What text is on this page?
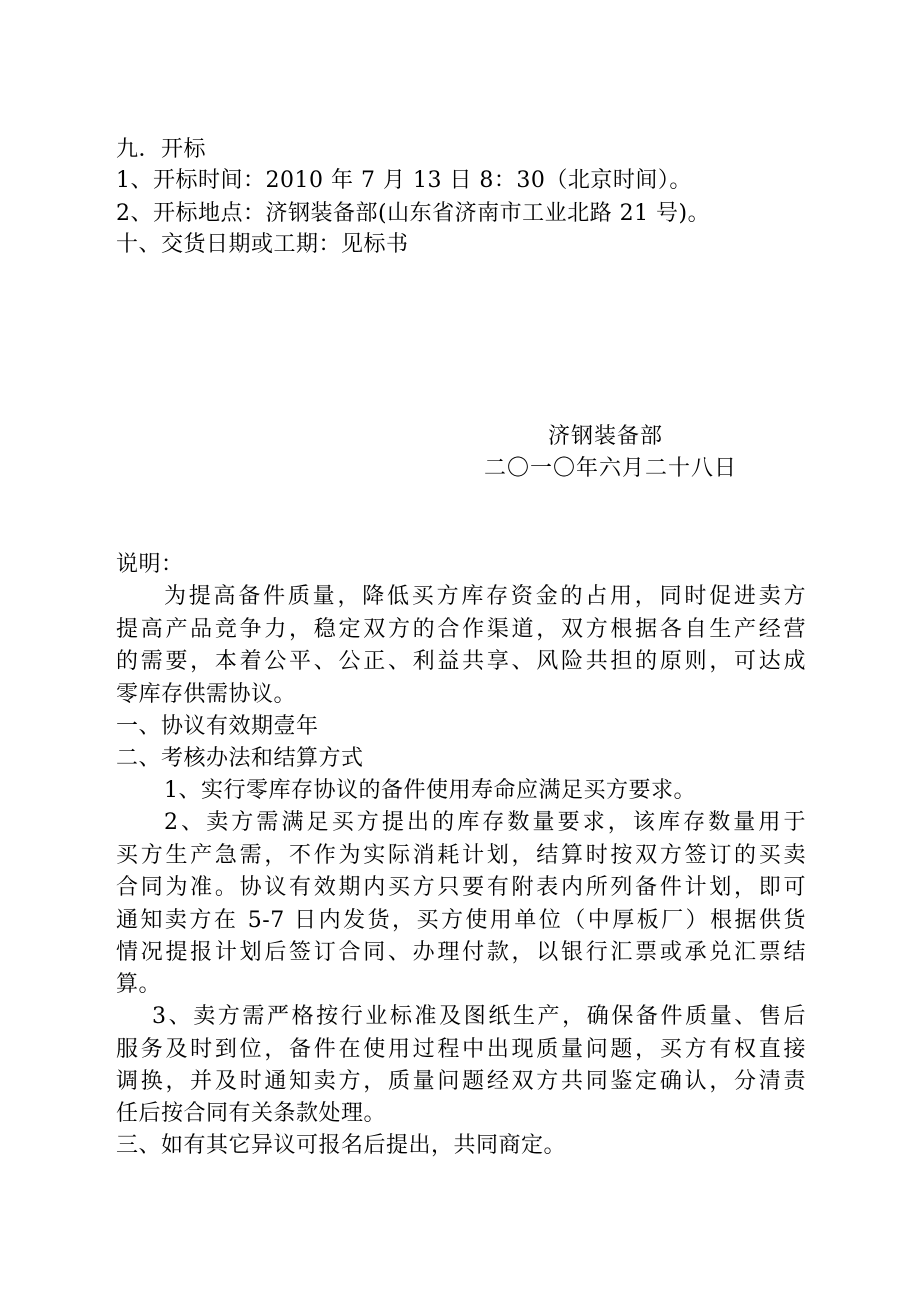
九．开标
1、开标时间：2010 年 7 月 13 日 8：30（北京时间）。
2、开标地点：济钢装备部(山东省济南市工业北路 21 号)。
十、交货日期或工期：见标书
济钢装备部
二〇一〇年六月二十八日
说明：
为提高备件质量，降低买方库存资金的占用，同时促进卖方
提高产品竞争力，稳定双方的合作渠道，双方根据各自生产经营
的需要，本着公平、公正、利益共享、风险共担的原则，可达成
零库存供需协议。
一、协议有效期壹年
二、考核办法和结算方式
1、实行零库存协议的备件使用寿命应满足买方要求。
2、卖方需满足买方提出的库存数量要求，该库存数量用于
买方生产急需，不作为实际消耗计划，结算时按双方签订的买卖
合同为准。协议有效期内买方只要有附表内所列备件计划，即可
通知卖方在 5-7 日内发货，买方使用单位（中厚板厂）根据供货
情况提报计划后签订合同、办理付款，以银行汇票或承兑汇票结
算。
3、卖方需严格按行业标准及图纸生产，确保备件质量、售后
服务及时到位，备件在使用过程中出现质量问题，买方有权直接
调换，并及时通知卖方，质量问题经双方共同鉴定确认，分清责
任后按合同有关条款处理。
三、如有其它异议可报名后提出，共同商定。
